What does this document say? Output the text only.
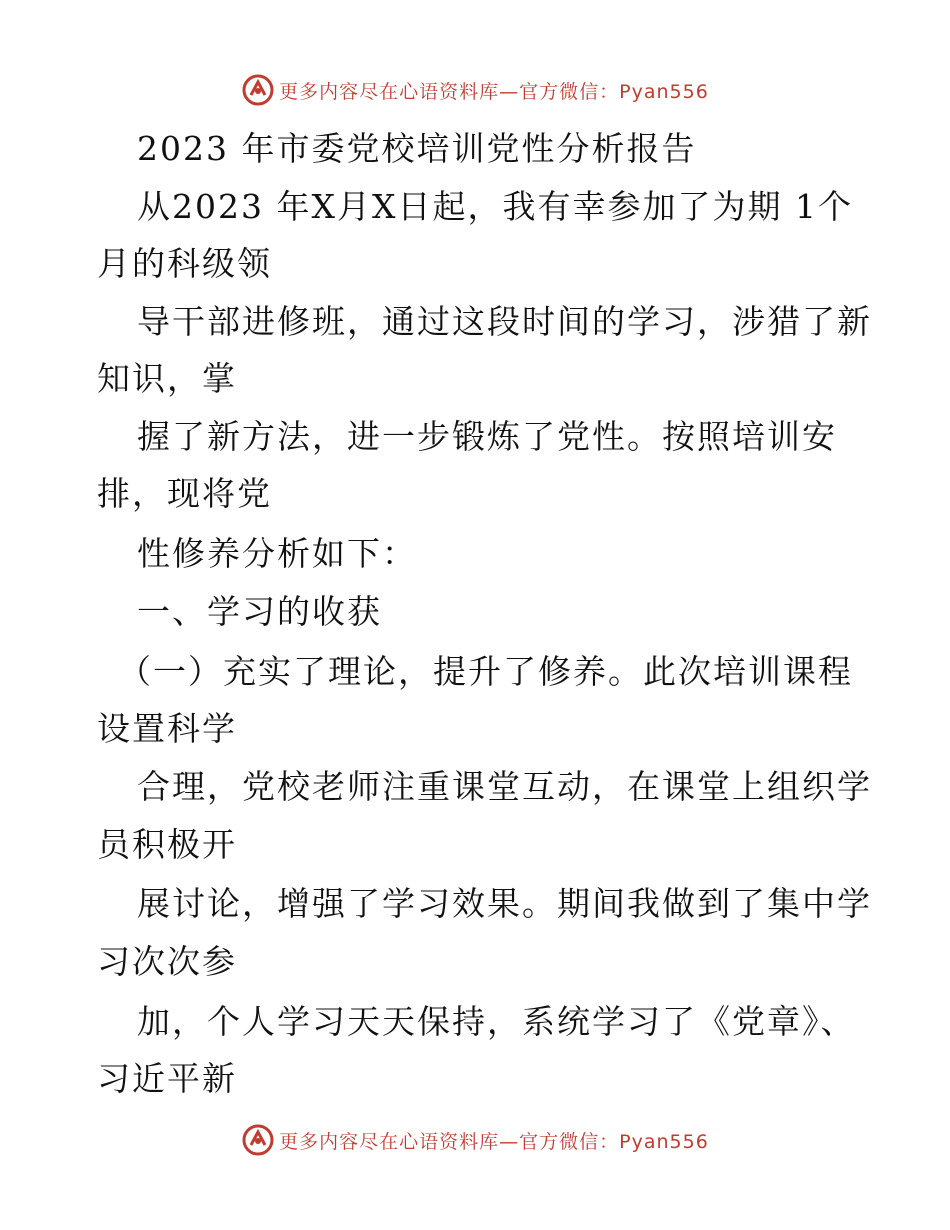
更多内容尽在心语资料库—官方微信：Pyan556
2023 年市委党校培训党性分析报告
从2023 年X月X日起，我有幸参加了为期 1个
月的科级领
导干部进修班，通过这段时间的学习，涉猎了新
知识，掌
握了新方法，进一步锻炼了党性。按照培训安
排，现将党
性修养分析如下：
一、学习的收获
（一）充实了理论，提升了修养。此次培训课程
设置科学
合理，党校老师注重课堂互动，在课堂上组织学
员积极开
展讨论，增强了学习效果。期间我做到了集中学
习次次参
加，个人学习天天保持，系统学习了《党章》、
习近平新
更多内容尽在心语资料库—官方微信：Pyan556
